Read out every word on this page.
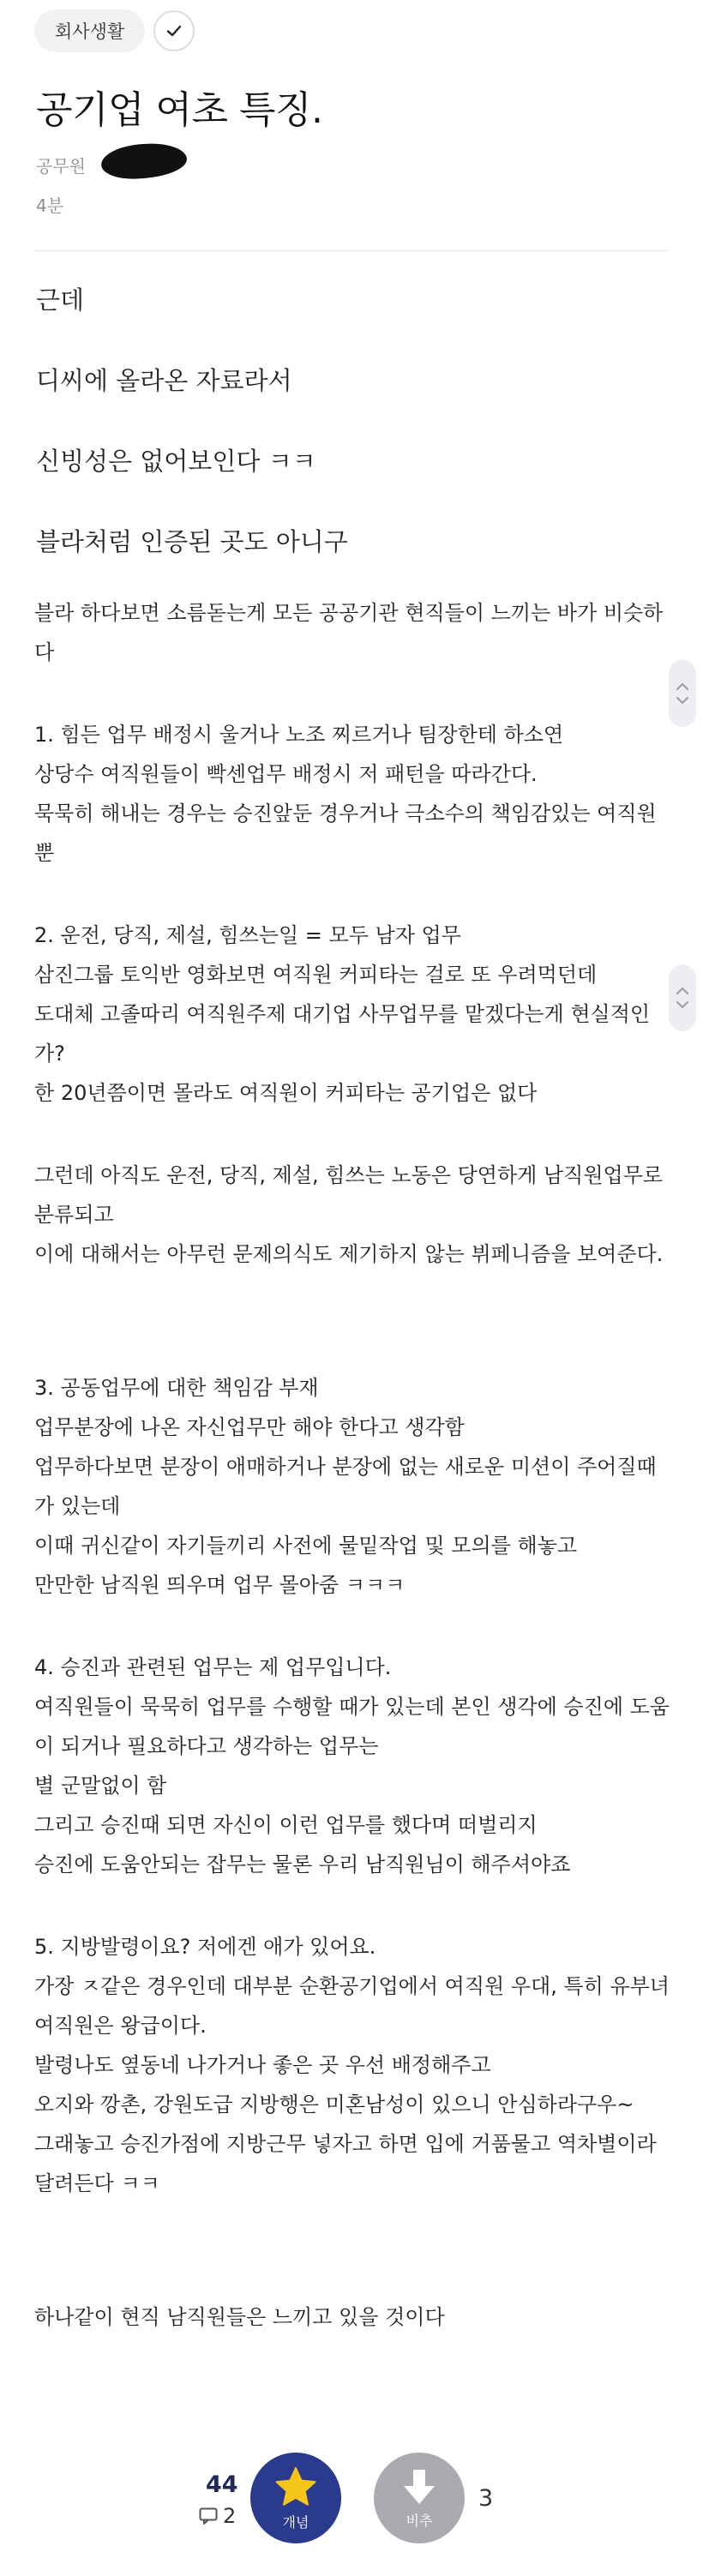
회사생활
공기업 여초 특징.
공무원
4분

근데

디씨에 올라온 자료라서

신빙성은 없어보인다 ㅋㅋ

블라처럼 인증된 곳도 아니구

블라 하다보면 소름돋는게 모든 공공기관 현직들이 느끼는 바가 비슷하다

1. 힘든 업무 배정시 울거나 노조 찌르거나 팀장한테 하소연

상당수 여직원들이 빡센업무 배정시 저 패턴을 따라간다.

묵묵히 해내는 경우는 승진앞둔 경우거나 극소수의 책임감있는 여직원뿐

2. 운전, 당직, 제설, 힘쓰는일 = 모두 남자 업무

삼진그룹 토익반 영화보면 여직원 커피타는 걸로 또 우려먹던데

도대체 고졸따리 여직원주제 대기업 사무업무를 맡겠다는게 현실적인가?

한 20년쯤이면 몰라도 여직원이 커피타는 공기업은 없다

그런데 아직도 운전, 당직, 제설, 힘쓰는 노동은 당연하게 남직원업무로 분류되고

이에 대해서는 아무런 문제의식도 제기하지 않는 뷔페니즘을 보여준다.

3. 공동업무에 대한 책임감 부재

업무분장에 나온 자신업무만 해야 한다고 생각함

업무하다보면 분장이 애매하거나 분장에 없는 새로운 미션이 주어질때가 있는데

이때 귀신같이 자기들끼리 사전에 물밑작업 및 모의를 해놓고

만만한 남직원 띄우며 업무 몰아줌 ㅋㅋㅋ

4. 승진과 관련된 업무는 제 업무입니다.

여직원들이 묵묵히 업무를 수행할 때가 있는데 본인 생각에 승진에 도움이 되거나 필요하다고 생각하는 업무는

별 군말없이 함

그리고 승진때 되면 자신이 이런 업무를 했다며 떠벌리지

승진에 도움안되는 잡무는 물론 우리 남직원님이 해주셔야죠

5. 지방발령이요? 저에겐 애가 있어요.

가장 ㅈ같은 경우인데 대부분 순환공기업에서 여직원 우대, 특히 유부녀 여직원은 왕급이다.

발령나도 옆동네 나가거나 좋은 곳 우선 배정해주고

오지와 깡촌, 강원도급 지방행은 미혼남성이 있으니 안심하라구우~

그래놓고 승진가점에 지방근무 넣자고 하면 입에 거품물고 역차별이라 달려든다 ㅋㅋ

하나같이 현직 남직원들은 느끼고 있을 것이다

44
2	개념	비추
3
